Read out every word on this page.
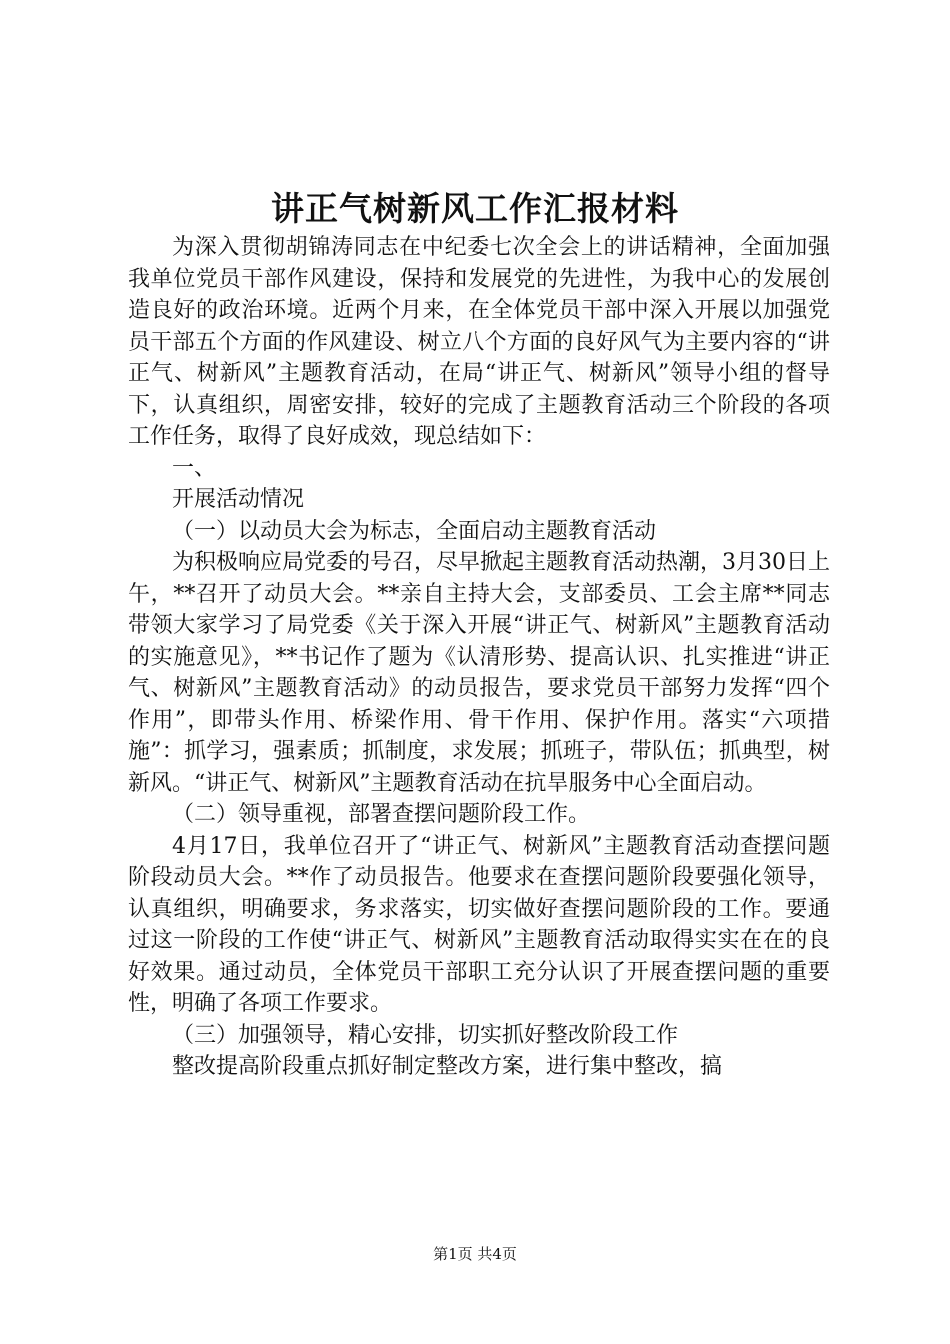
讲正气树新风工作汇报材料

为深入贯彻胡锦涛同志在中纪委七次全会上的讲话精神，全面加强我单位党员干部作风建设，保持和发展党的先进性，为我中心的发展创造良好的政治环境。近两个月来，在全体党员干部中深入开展以加强党员干部五个方面的作风建设、树立八个方面的良好风气为主要内容的“讲正气、树新风”主题教育活动，在局“讲正气、树新风”领导小组的督导下，认真组织，周密安排，较好的完成了主题教育活动三个阶段的各项工作任务，取得了良好成效，现总结如下：

一、

开展活动情况

（一）以动员大会为标志，全面启动主题教育活动

为积极响应局党委的号召，尽早掀起主题教育活动热潮，3月30日上午，**召开了动员大会。**亲自主持大会，支部委员、工会主席**同志带领大家学习了局党委《关于深入开展“讲正气、树新风”主题教育活动的实施意见》，**书记作了题为《认清形势、提高认识、扎实推进“讲正气、树新风”主题教育活动》的动员报告，要求党员干部努力发挥“四个作用”，即带头作用、桥梁作用、骨干作用、保护作用。落实“六项措施”：抓学习，强素质；抓制度，求发展；抓班子，带队伍；抓典型，树新风。“讲正气、树新风”主题教育活动在抗旱服务中心全面启动。

（二）领导重视，部署查摆问题阶段工作。

4月17日，我单位召开了“讲正气、树新风”主题教育活动查摆问题阶段动员大会。**作了动员报告。他要求在查摆问题阶段要强化领导，认真组织，明确要求，务求落实，切实做好查摆问题阶段的工作。要通过这一阶段的工作使“讲正气、树新风”主题教育活动取得实实在在的良好效果。通过动员，全体党员干部职工充分认识了开展查摆问题的重要性，明确了各项工作要求。

（三）加强领导，精心安排，切实抓好整改阶段工作

整改提高阶段重点抓好制定整改方案，进行集中整改，搞

第1页 共4页
